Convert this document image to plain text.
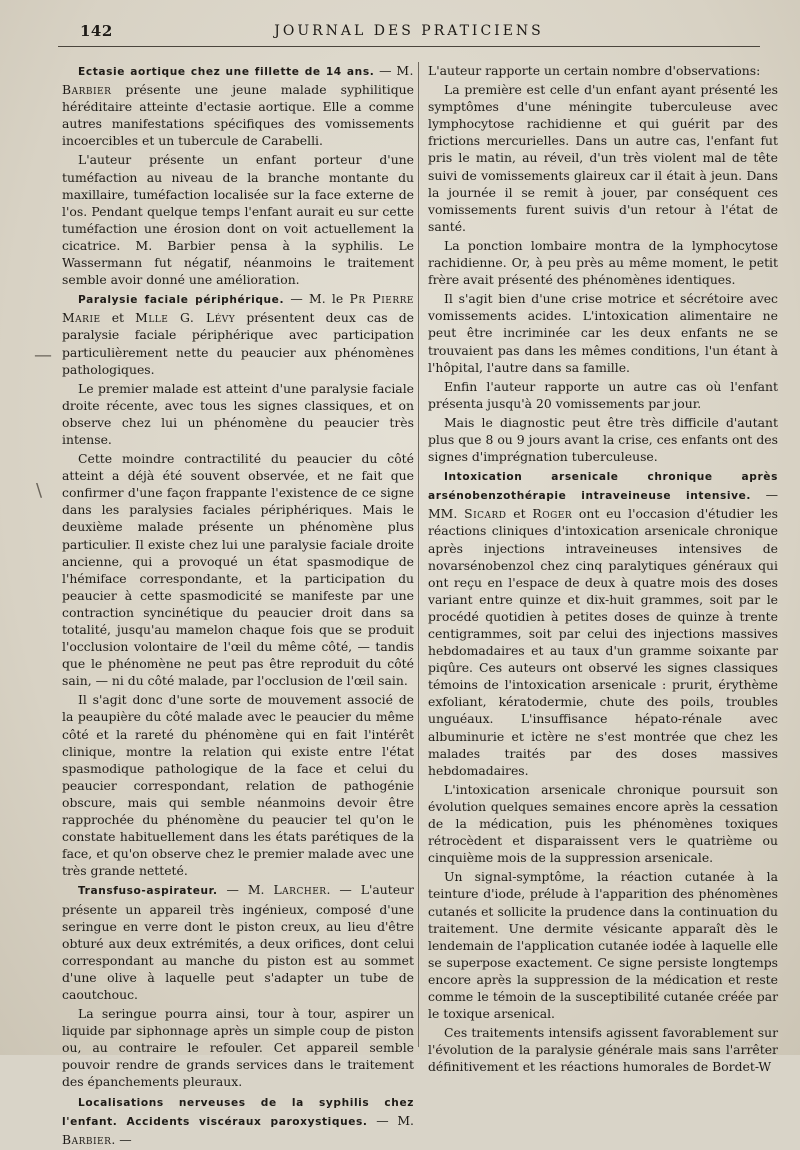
142	JOURNAL DES PRATICIENS

Ectasie aortique chez une fillette de 14 ans. — M. Barbier présente une jeune malade syphilitique héréditaire atteinte d'ectasie aortique. Elle a comme autres manifestations spécifiques des vomissements incoercibles et un tubercule de Carabelli.

L'auteur présente un enfant porteur d'une tuméfaction au niveau de la branche montante du maxillaire, tuméfaction localisée sur la face externe de l'os. Pendant quelque temps l'enfant aurait eu sur cette tuméfaction une érosion dont on voit actuellement la cicatrice. M. Barbier pensa à la syphilis. Le Wassermann fut négatif, néanmoins le traitement semble avoir donné une amélioration.

Paralysie faciale périphérique. — M. le Pr Pierre Marie et Mlle G. Lévy présentent deux cas de paralysie faciale périphérique avec participation particulièrement nette du peaucier aux phénomènes pathologiques.

Le premier malade est atteint d'une paralysie faciale droite récente, avec tous les signes classiques, et on observe chez lui un phénomène du peaucier très intense.

Cette moindre contractilité du peaucier du côté atteint a déjà été souvent observée, et ne fait que confirmer d'une façon frappante l'existence de ce signe dans les paralysies faciales périphériques. Mais le deuxième malade présente un phénomène plus particulier. Il existe chez lui une paralysie faciale droite ancienne, qui a provoqué un état spasmodique de l'hémiface correspondante, et la participation du peaucier à cette spasmodicité se manifeste par une contraction syncinétique du peaucier droit dans sa totalité, jusqu'au mamelon chaque fois que se produit l'occlusion volontaire de l'œil du même côté, — tandis que le phénomène ne peut pas être reproduit du côté sain, — ni du côté malade, par l'occlusion de l'œil sain.

Il s'agit donc d'une sorte de mouvement associé de la peaupière du côté malade avec le peaucier du même côté et la rareté du phénomène qui en fait l'intérêt clinique, montre la relation qui existe entre l'état spasmodique pathologique de la face et celui du peaucier correspondant, relation de pathogénie obscure, mais qui semble néanmoins devoir être rapprochée du phénomène du peaucier tel qu'on le constate habituellement dans les états parétiques de la face, et qu'on observe chez le premier malade avec une très grande netteté.

Transfuso-aspirateur. — M. Larcher. — L'auteur présente un appareil très ingénieux, composé d'une seringue en verre dont le piston creux, au lieu d'être obturé aux deux extrémités, a deux orifices, dont celui correspondant au manche du piston est au sommet d'une olive à laquelle peut s'adapter un tube de caoutchouc.

La seringue pourra ainsi, tour à tour, aspirer un liquide par siphonnage après un simple coup de piston ou, au contraire le refouler. Cet appareil semble pouvoir rendre de grands services dans le traitement des épanchements pleuraux.

Localisations nerveuses de la syphilis chez l'enfant. Accidents viscéraux paroxystiques. — M. Barbier. —

L'auteur rapporte un certain nombre d'observations:

La première est celle d'un enfant ayant présenté les symptômes d'une méningite tuberculeuse avec lymphocytose rachidienne et qui guérit par des frictions mercurielles. Dans un autre cas, l'enfant fut pris le matin, au réveil, d'un très violent mal de tête suivi de vomissements glaireux car il était à jeun. Dans la journée il se remit à jouer, par conséquent ces vomissements furent suivis d'un retour à l'état de santé.

La ponction lombaire montra de la lymphocytose rachidienne. Or, à peu près au même moment, le petit frère avait présenté des phénomènes identiques.

Il s'agit bien d'une crise motrice et sécrétoire avec vomissements acides. L'intoxication alimentaire ne peut être incriminée car les deux enfants ne se trouvaient pas dans les mêmes conditions, l'un étant à l'hôpital, l'autre dans sa famille.

Enfin l'auteur rapporte un autre cas où l'enfant présenta jusqu'à 20 vomissements par jour.

Mais le diagnostic peut être très difficile d'autant plus que 8 ou 9 jours avant la crise, ces enfants ont des signes d'imprégnation tuberculeuse.

Intoxication arsenicale chronique après arsénobenzothérapie intraveineuse intensive. — MM. Sicard et Roger ont eu l'occasion d'étudier les réactions cliniques d'intoxication arsenicale chronique après injections intraveineuses intensives de novarsénobenzol chez cinq paralytiques généraux qui ont reçu en l'espace de deux à quatre mois des doses variant entre quinze et dix-huit grammes, soit par le procédé quotidien à petites doses de quinze à trente centigrammes, soit par celui des injections massives hebdomadaires et au taux d'un gramme soixante par piqûre. Ces auteurs ont observé les signes classiques témoins de l'intoxication arsenicale : prurit, érythème exfoliant, kératodermie, chute des poils, troubles unguéaux. L'insuffisance hépato-rénale avec albuminurie et ictère ne s'est montrée que chez les malades traités par des doses massives hebdomadaires.

L'intoxication arsenicale chronique poursuit son évolution quelques semaines encore après la cessation de la médication, puis les phénomènes toxiques rétrocèdent et disparaissent vers le quatrième ou cinquième mois de la suppression arsenicale.

Un signal-symptôme, la réaction cutanée à la teinture d'iode, prélude à l'apparition des phénomènes cutanés et sollicite la prudence dans la continuation du traitement. Une dermite vésicante apparaît dès le lendemain de l'application cutanée iodée à laquelle elle se superpose exactement. Ce signe persiste longtemps encore après la suppression de la médication et reste comme le témoin de la susceptibilité cutanée créée par le toxique arsenical.

Ces traitements intensifs agissent favorablement sur l'évolution de la paralysie générale mais sans l'arrêter définitivement et les réactions humorales de Bordet-W

—
\
